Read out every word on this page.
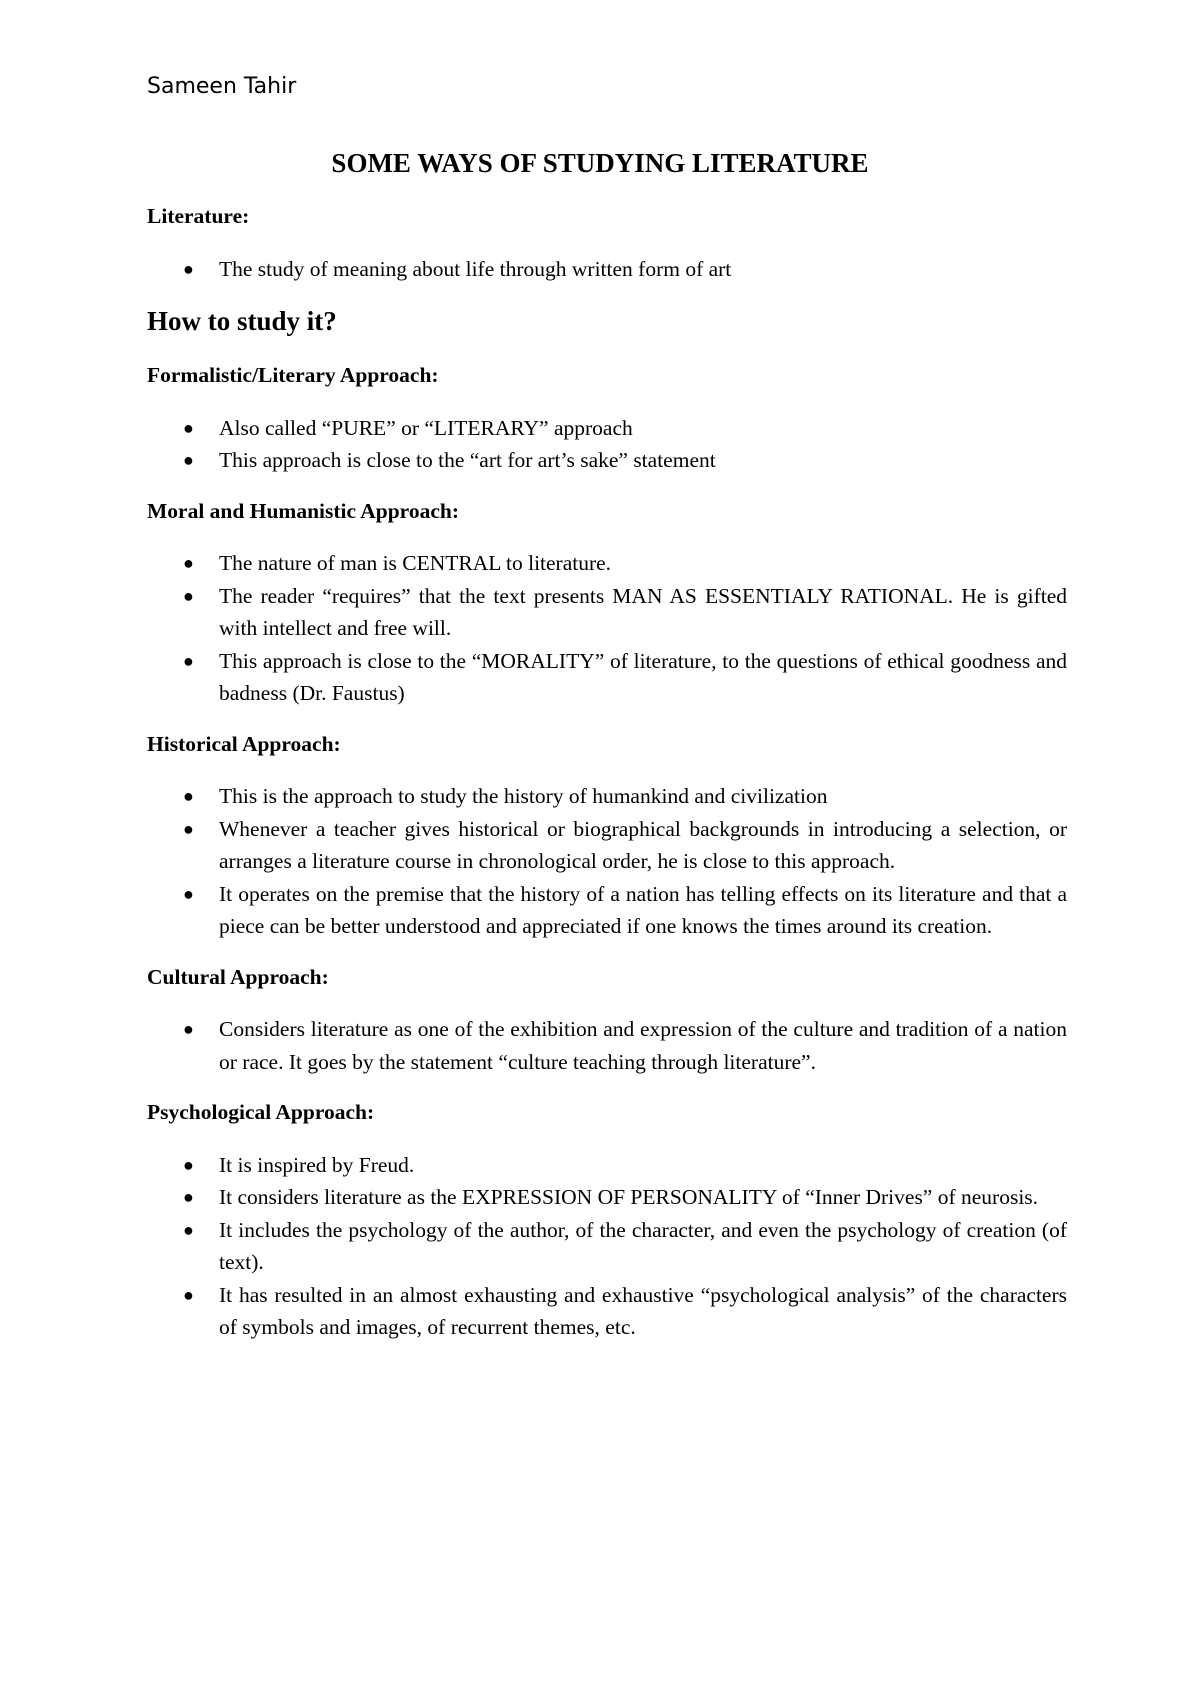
Sameen Tahir
SOME WAYS OF STUDYING LITERATURE
Literature:
● The study of meaning about life through written form of art
How to study it?
Formalistic/Literary Approach:
● Also called “PURE” or “LITERARY” approach
● This approach is close to the “art for art’s sake” statement
Moral and Humanistic Approach:
● The nature of man is CENTRAL to literature.
● The reader “requires” that the text presents MAN AS ESSENTIALY RATIONAL. He is gifted with intellect and free will.
● This approach is close to the “MORALITY” of literature, to the questions of ethical goodness and badness (Dr. Faustus)
Historical Approach:
● This is the approach to study the history of humankind and civilization
● Whenever a teacher gives historical or biographical backgrounds in introducing a selection, or arranges a literature course in chronological order, he is close to this approach.
● It operates on the premise that the history of a nation has telling effects on its literature and that a piece can be better understood and appreciated if one knows the times around its creation.
Cultural Approach:
● Considers literature as one of the exhibition and expression of the culture and tradition of a nation or race. It goes by the statement “culture teaching through literature”.
Psychological Approach:
● It is inspired by Freud.
● It considers literature as the EXPRESSION OF PERSONALITY of “Inner Drives” of neurosis.
● It includes the psychology of the author, of the character, and even the psychology of creation (of text).
● It has resulted in an almost exhausting and exhaustive “psychological analysis” of the characters of symbols and images, of recurrent themes, etc.
